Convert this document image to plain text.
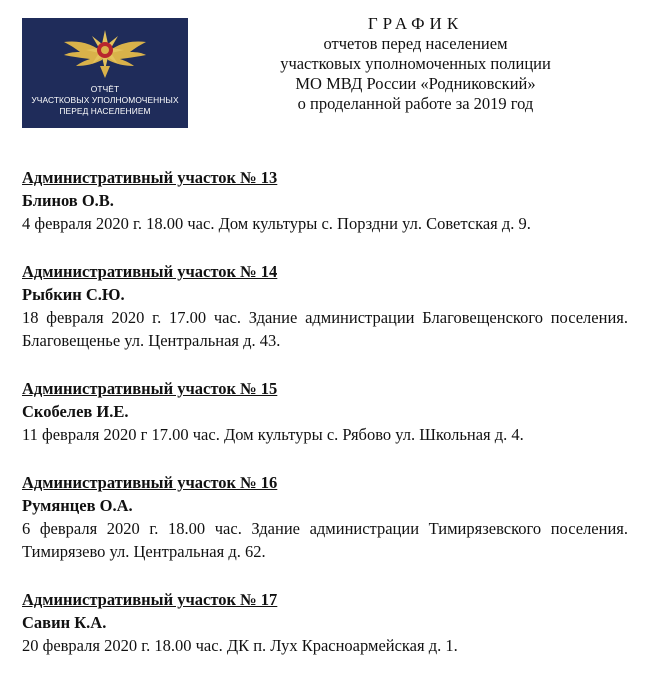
ОТЧЁТ
УЧАСТКОВЫХ УПОЛНОМОЧЕННЫХ
ПЕРЕД НАСЕЛЕНИЕМ
ГРАФИК
отчетов перед населением
участковых уполномоченных полиции
МО МВД России «Родниковский»
о проделанной работе за 2019 год
Административный участок № 13
Блинов О.В.
4 февраля 2020 г. 18.00 час. Дом культуры с. Порздни ул. Советская д. 9.
Административный участок № 14
Рыбкин С.Ю.
18 февраля 2020 г. 17.00 час. Здание администрации Благовещенского поселения. Благовещенье ул. Центральная д. 43.
Административный участок № 15
Скобелев И.Е.
11 февраля 2020 г 17.00 час. Дом культуры с. Рябово ул. Школьная д. 4.
Административный участок № 16
Румянцев О.А.
6 февраля 2020 г. 18.00 час. Здание администрации Тимирязевского поселения. Тимирязево ул. Центральная д. 62.
Административный участок № 17
Савин К.А.
20 февраля 2020 г. 18.00 час. ДК п. Лух Красноармейская д. 1.
